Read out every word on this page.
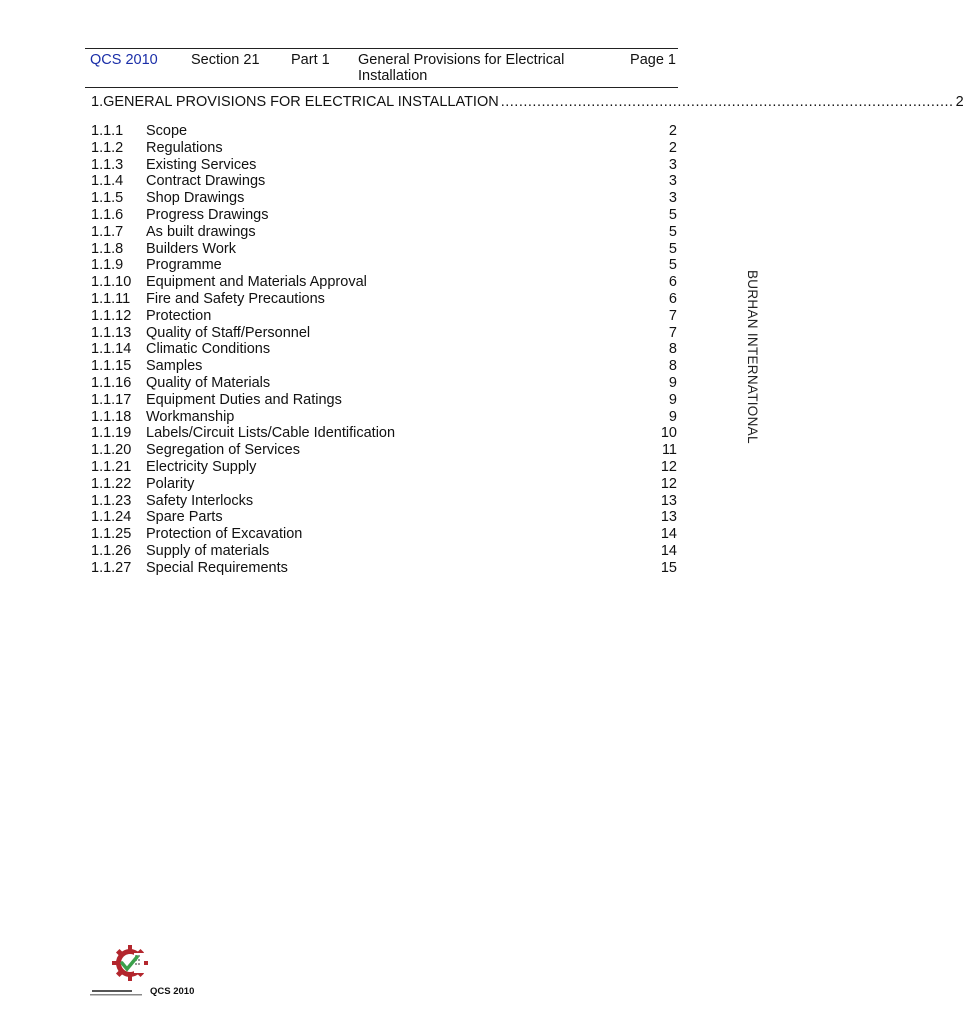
QCS 2010 Section 21 Part 1 General Provisions for Electrical Installation
Page 1
1. GENERAL PROVISIONS FOR ELECTRICAL INSTALLATION .................................................................................................... 2
1.1.1	Scope	2
1.1.2	Regulations	2
1.1.3	Existing Services	3
1.1.4	Contract Drawings	3
1.1.5	Shop Drawings	3
1.1.6	Progress Drawings	5
1.1.7	As built drawings	5
1.1.8	Builders Work	5
1.1.9	Programme	5
1.1.10	Equipment and Materials Approval	6
1.1.11	Fire and Safety Precautions	6
1.1.12	Protection	7
1.1.13	Quality of Staff/Personnel	7
1.1.14	Climatic Conditions	8
1.1.15	Samples	8
1.1.16	Quality of Materials	9
1.1.17	Equipment Duties and Ratings	9
1.1.18	Workmanship	9
1.1.19	Labels/Circuit Lists/Cable Identification	10
1.1.20	Segregation of Services	11
1.1.21	Electricity Supply	12
1.1.22	Polarity	12
1.1.23	Safety Interlocks	13
1.1.24	Spare Parts	13
1.1.25	Protection of Excavation	14
1.1.26	Supply of materials	14
1.1.27	Special Requirements	15
BURHAN INTERNATIONAL
QCS 2010
